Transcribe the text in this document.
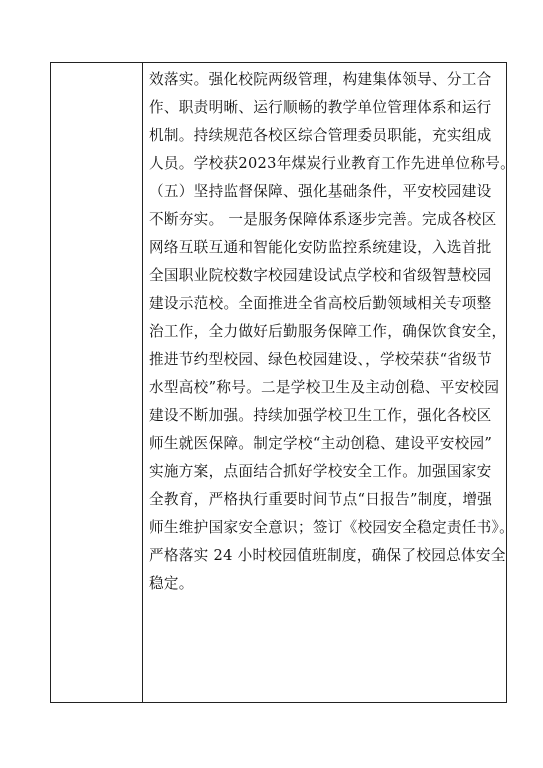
效落实。强化校院两级管理，构建集体领导、分工合
作、职责明晰、运行顺畅的教学单位管理体系和运行
机制。持续规范各校区综合管理委员职能，充实组成
人员。学校获2023年煤炭行业教育工作先进单位称号。
（五）坚持监督保障、强化基础条件，平安校园建设
不断夯实。 一是服务保障体系逐步完善。完成各校区
网络互联互通和智能化安防监控系统建设，入选首批
全国职业院校数字校园建设试点学校和省级智慧校园
建设示范校。全面推进全省高校后勤领域相关专项整
治工作，全力做好后勤服务保障工作，确保饮食安全，
推进节约型校园、绿色校园建设、，学校荣获“省级节
水型高校”称号。二是学校卫生及主动创稳、平安校园
建设不断加强。持续加强学校卫生工作，强化各校区
师生就医保障。制定学校“主动创稳、建设平安校园”
实施方案，点面结合抓好学校安全工作。加强国家安
全教育，严格执行重要时间节点“日报告”制度，增强
师生维护国家安全意识；签订《校园安全稳定责任书》。
严格落实 24 小时校园值班制度，确保了校园总体安全
稳定。
